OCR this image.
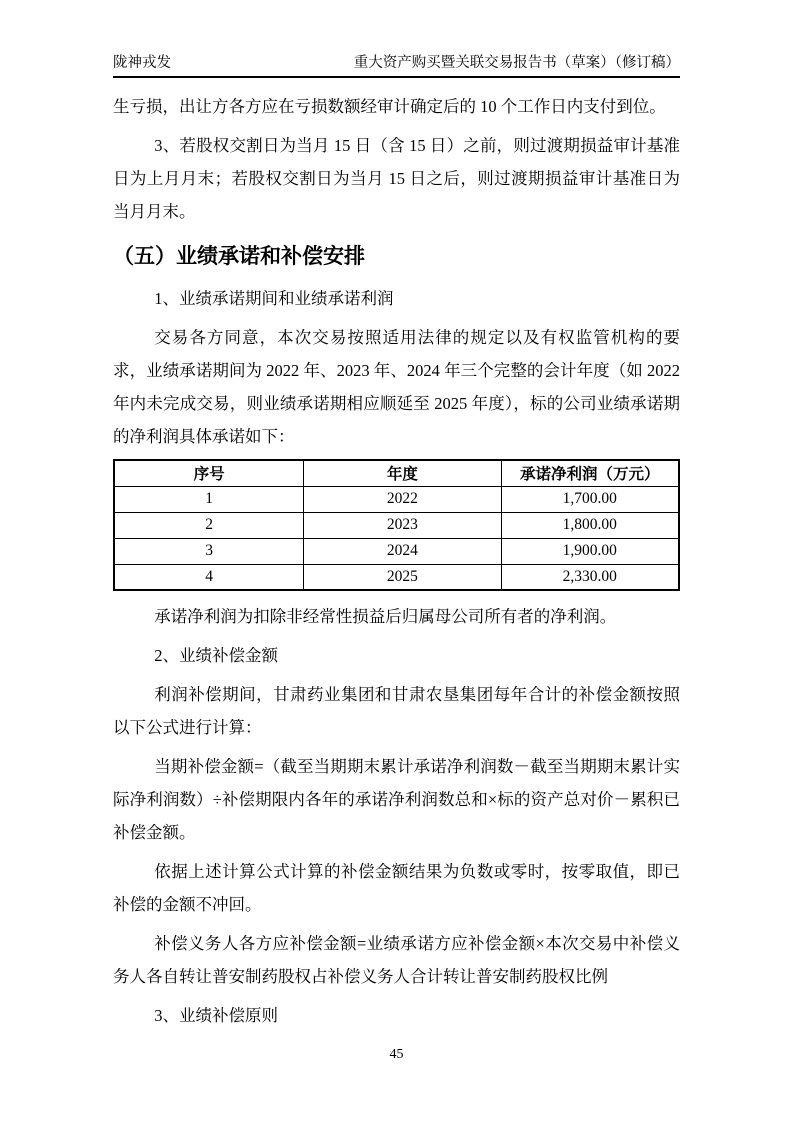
陇神戎发	重大资产购买暨关联交易报告书（草案）（修订稿）

生亏损，出让方各方应在亏损数额经审计确定后的 10 个工作日内支付到位。

3、若股权交割日为当月 15 日（含 15 日）之前，则过渡期损益审计基准日为上月月末；若股权交割日为当月 15 日之后，则过渡期损益审计基准日为当月月末。

（五）业绩承诺和补偿安排

1、业绩承诺期间和业绩承诺利润

交易各方同意，本次交易按照适用法律的规定以及有权监管机构的要求，业绩承诺期间为 2022 年、2023 年、2024 年三个完整的会计年度（如 2022 年内未完成交易，则业绩承诺期相应顺延至 2025 年度），标的公司业绩承诺期的净利润具体承诺如下：

序号	年度	承诺净利润（万元）
1	2022	1,700.00
2	2023	1,800.00
3	2024	1,900.00
4	2025	2,330.00

承诺净利润为扣除非经常性损益后归属母公司所有者的净利润。

2、业绩补偿金额

利润补偿期间，甘肃药业集团和甘肃农垦集团每年合计的补偿金额按照以下公式进行计算：

当期补偿金额=（截至当期期末累计承诺净利润数－截至当期期末累计实际净利润数）÷补偿期限内各年的承诺净利润数总和×标的资产总对价－累积已补偿金额。

依据上述计算公式计算的补偿金额结果为负数或零时，按零取值，即已补偿的金额不冲回。

补偿义务人各方应补偿金额=业绩承诺方应补偿金额×本次交易中补偿义务人各自转让普安制药股权占补偿义务人合计转让普安制药股权比例

3、业绩补偿原则

45
